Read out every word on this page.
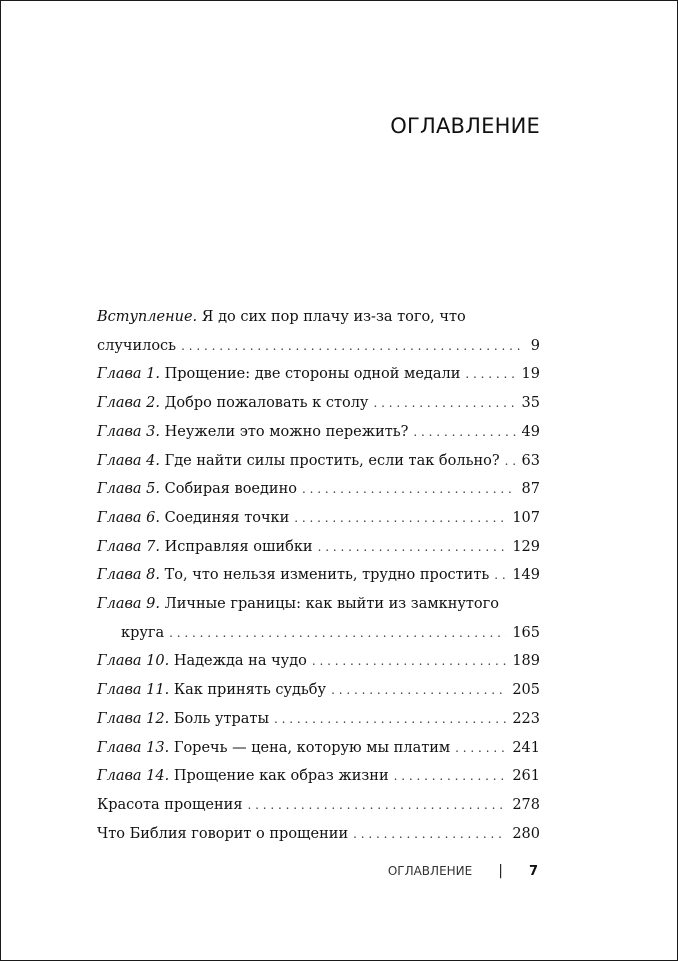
ОГЛАВЛЕНИЕ
Вступление. Я до сих пор плачу из-за того, что
случилось . . .	9
Глава 1. Прощение: две стороны одной медали . . .	19
Глава 2. Добро пожаловать к столу . . .	35
Глава 3. Неужели это можно пережить? . . .	49
Глава 4. Где найти силы простить, если так больно? . . . 63
Глава 5. Собирая воедино . . .	87
Глава 6. Соединяя точки . . .	107
Глава 7. Исправляя ошибки . . .	129
Глава 8. То, что нельзя изменить, трудно простить . . . 149
Глава 9. Личные границы: как выйти из замкнутого
круга . . .	165
Глава 10. Надежда на чудо . . .	189
Глава 11. Как принять судьбу . . .	205
Глава 12. Боль утраты . . .	223
Глава 13. Горечь — цена, которую мы платим . . .	241
Глава 14. Прощение как образ жизни . . .	261
Красота прощения . . .	278
Что Библия говорит о прощении . . .	280
ОГЛАВЛЕНИЕ | 7
